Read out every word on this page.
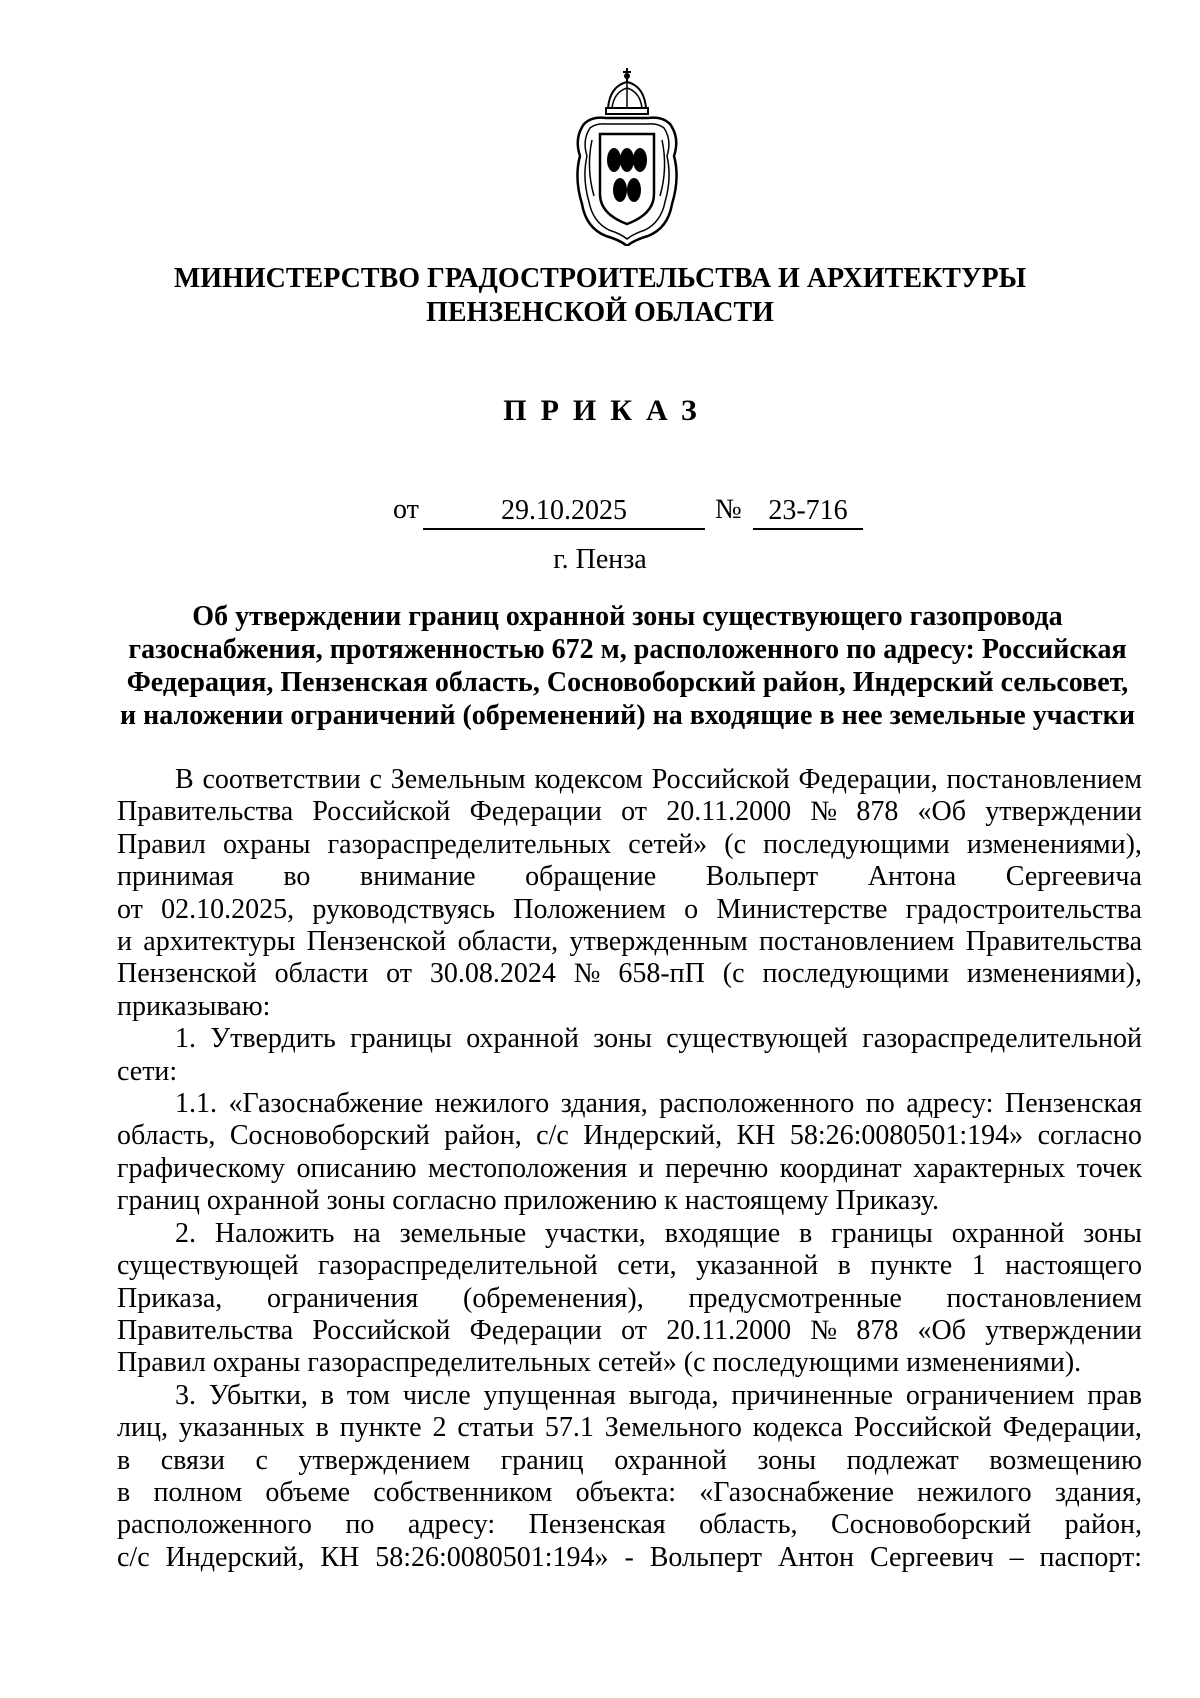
МИНИСТЕРСТВО ГРАДОСТРОИТЕЛЬСТВА И АРХИТЕКТУРЫ
ПЕНЗЕНСКОЙ ОБЛАСТИ
ПРИКАЗ
от	29.10.2025	№ 23-716
г. Пенза
Об утверждении границ охранной зоны существующего газопровода
газоснабжения, протяженностью 672 м, расположенного по адресу: Российская
Федерация, Пензенская область, Сосновоборский район, Индерский сельсовет,
и наложении ограничений (обременений) на входящие в нее земельные участки
В соответствии с Земельным кодексом Российской Федерации, постановлением
Правительства Российской Федерации от 20.11.2000 № 878 «Об утверждении
Правил охраны газораспределительных сетей» (с последующими изменениями),
принимая во внимание обращение Вольперт Антона Сергеевича
от 02.10.2025, руководствуясь Положением о Министерстве градостроительства
и архитектуры Пензенской области, утвержденным постановлением Правительства
Пензенской области от 30.08.2024 № 658-пП (с последующими изменениями),
приказываю:
1. Утвердить границы охранной зоны существующей газораспределительной
сети:
1.1. «Газоснабжение нежилого здания, расположенного по адресу: Пензенская
область, Сосновоборский район, с/с Индерский, КН 58:26:0080501:194» согласно
графическому описанию местоположения и перечню координат характерных точек
границ охранной зоны согласно приложению к настоящему Приказу.
2. Наложить на земельные участки, входящие в границы охранной зоны
существующей газораспределительной сети, указанной в пункте 1 настоящего
Приказа, ограничения (обременения), предусмотренные постановлением
Правительства Российской Федерации от 20.11.2000 № 878 «Об утверждении
Правил охраны газораспределительных сетей» (с последующими изменениями).
3. Убытки, в том числе упущенная выгода, причиненные ограничением прав
лиц, указанных в пункте 2 статьи 57.1 Земельного кодекса Российской Федерации,
в связи с утверждением границ охранной зоны подлежат возмещению
в полном объеме собственником объекта: «Газоснабжение нежилого здания,
расположенного по адресу: Пензенская область, Сосновоборский район,
с/с Индерский, КН 58:26:0080501:194» - Вольперт Антон Сергеевич – паспорт:
